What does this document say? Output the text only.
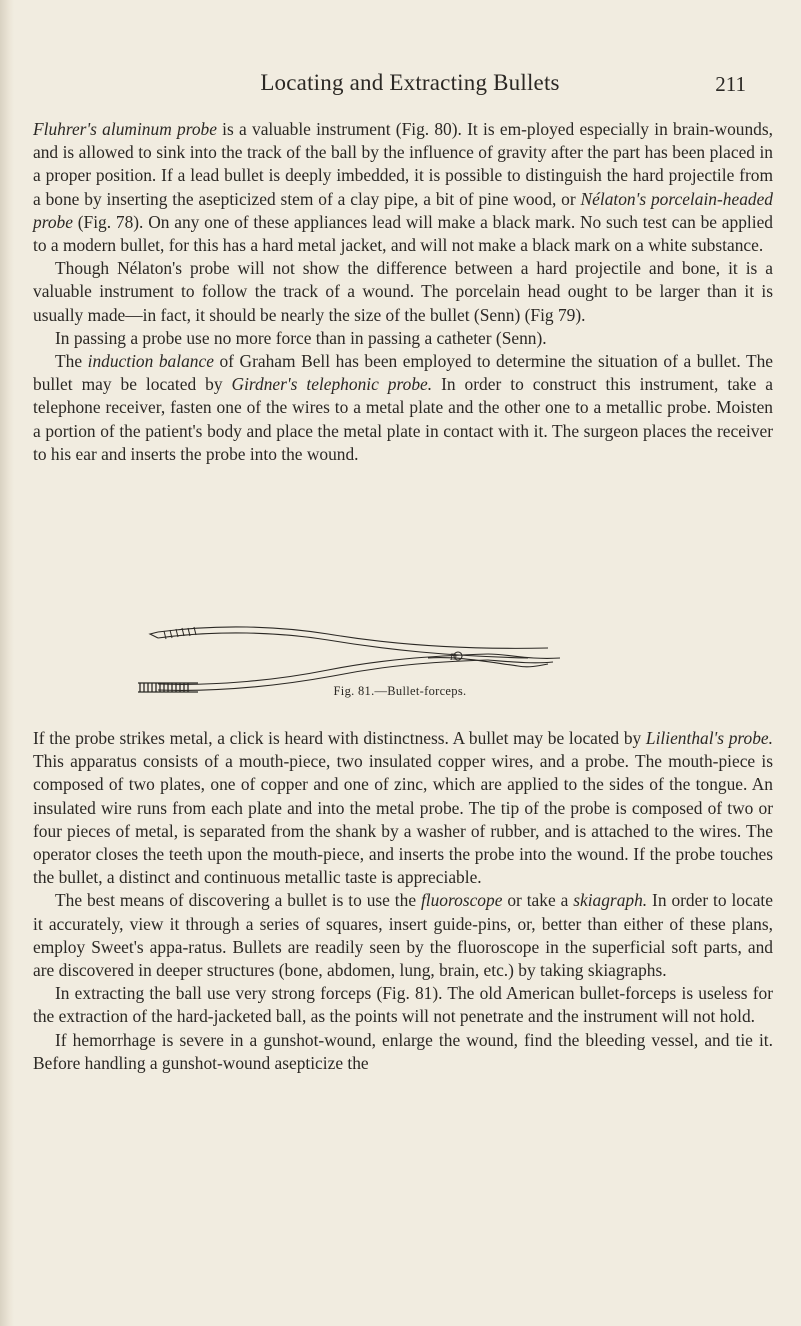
Locating and Extracting Bullets	211

Fluhrer's aluminum probe is a valuable instrument (Fig. 80). It is em-ployed especially in brain-wounds, and is allowed to sink into the track of the ball by the influence of gravity after the part has been placed in a proper position. If a lead bullet is deeply imbedded, it is possible to distinguish the hard projectile from a bone by inserting the asepticized stem of a clay pipe, a bit of pine wood, or Nélaton's porcelain-headed probe (Fig. 78). On any one of these appliances lead will make a black mark. No such test can be applied to a modern bullet, for this has a hard metal jacket, and will not make a black mark on a white substance.

Though Nélaton's probe will not show the difference between a hard projectile and bone, it is a valuable instrument to follow the track of a wound. The porcelain head ought to be larger than it is usually made—in fact, it should be nearly the size of the bullet (Senn) (Fig 79).

In passing a probe use no more force than in passing a catheter (Senn).

The induction balance of Graham Bell has been employed to determine the situation of a bullet. The bullet may be located by Girdner's telephonic probe. In order to construct this instrument, take a telephone receiver, fasten one of the wires to a metal plate and the other one to a metallic probe. Moisten a portion of the patient's body and place the metal plate in contact with it. The surgeon places the receiver to his ear and inserts the probe into the wound.

D
Fig. 81.—Bullet-forceps.

If the probe strikes metal, a click is heard with distinctness. A bullet may be located by Lilienthal's probe. This apparatus consists of a mouth-piece, two insulated copper wires, and a probe. The mouth-piece is composed of two plates, one of copper and one of zinc, which are applied to the sides of the tongue. An insulated wire runs from each plate and into the metal probe. The tip of the probe is composed of two or four pieces of metal, is separated from the shank by a washer of rubber, and is attached to the wires. The operator closes the teeth upon the mouth-piece, and inserts the probe into the wound. If the probe touches the bullet, a distinct and continuous metallic taste is appreciable.

The best means of discovering a bullet is to use the fluoroscope or take a skiagraph. In order to locate it accurately, view it through a series of squares, insert guide-pins, or, better than either of these plans, employ Sweet's appa-ratus. Bullets are readily seen by the fluoroscope in the superficial soft parts, and are discovered in deeper structures (bone, abdomen, lung, brain, etc.) by taking skiagraphs.

In extracting the ball use very strong forceps (Fig. 81). The old American bullet-forceps is useless for the extraction of the hard-jacketed ball, as the points will not penetrate and the instrument will not hold.

If hemorrhage is severe in a gunshot-wound, enlarge the wound, find the bleeding vessel, and tie it. Before handling a gunshot-wound asepticize the
